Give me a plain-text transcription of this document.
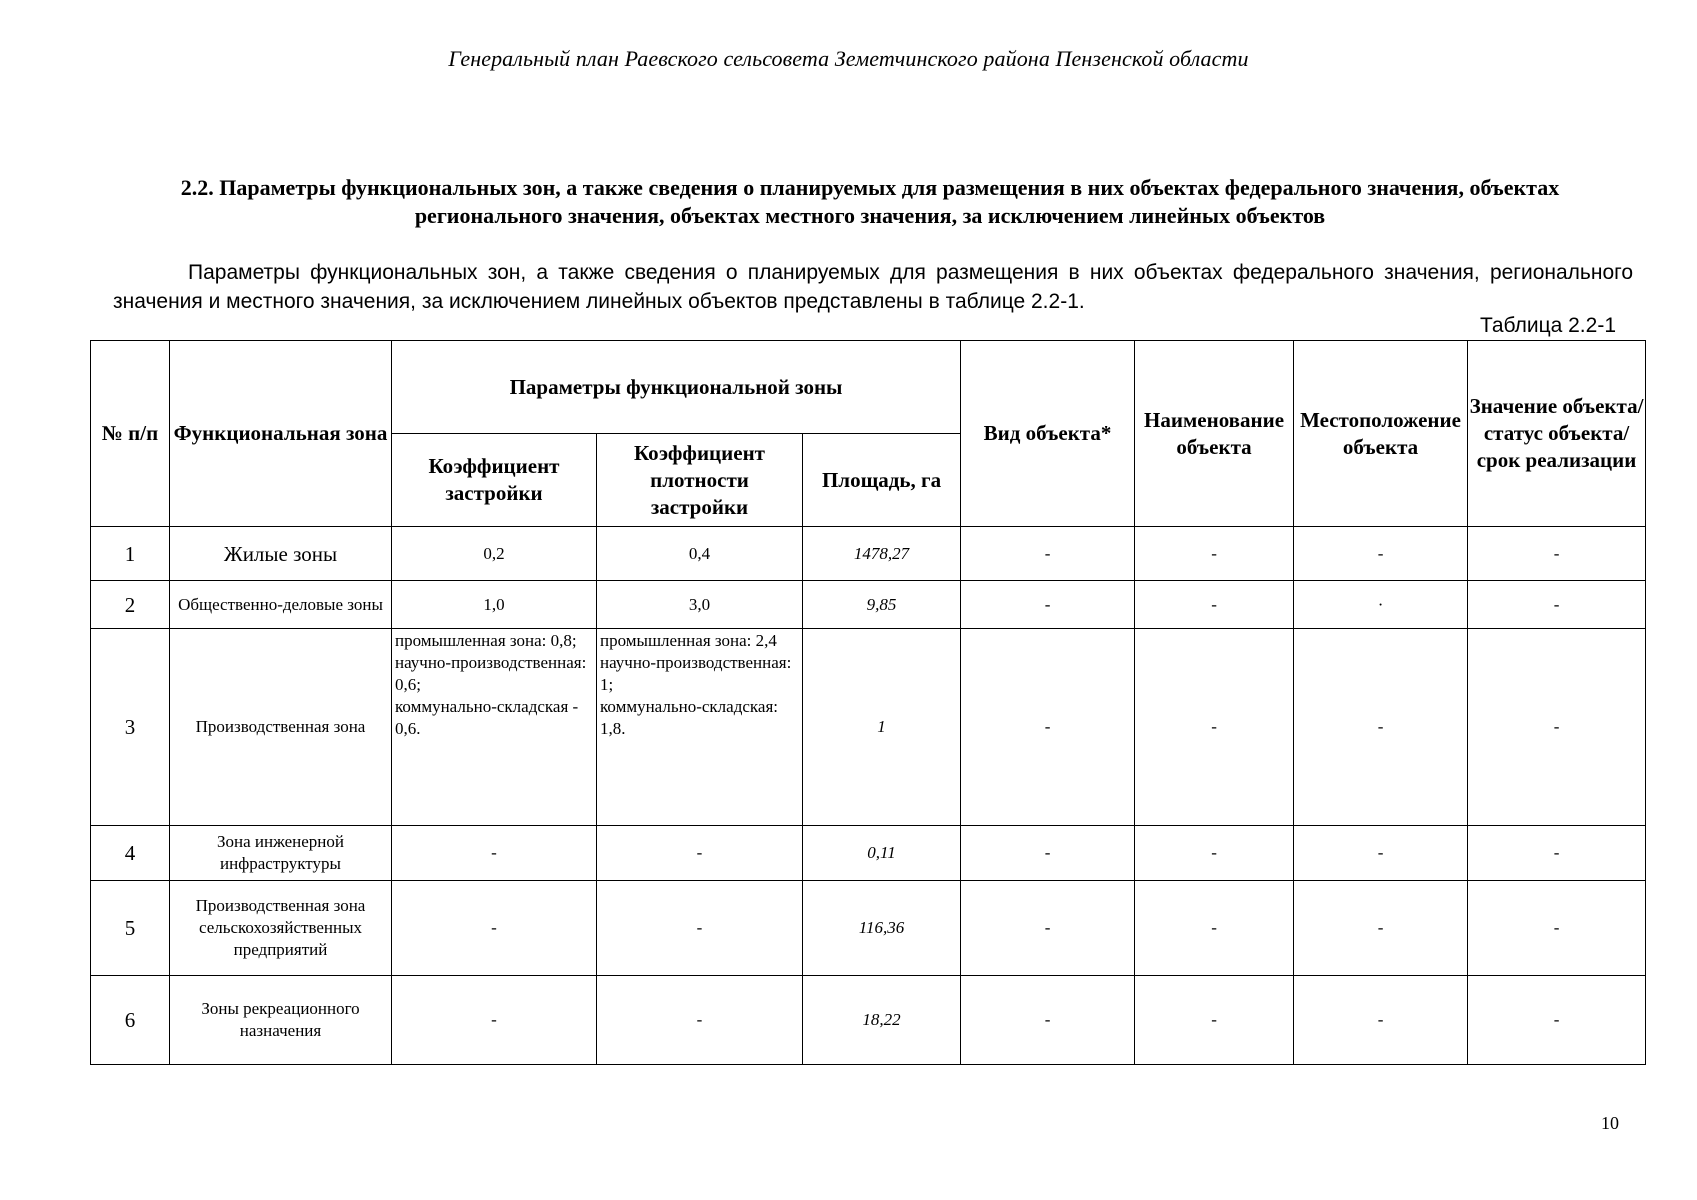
Генеральный план Раевского сельсовета Земетчинского района Пензенской области
2.2. Параметры функциональных зон, а также сведения о планируемых для размещения в них объектах федерального значения, объектах регионального значения, объектах местного значения, за исключением линейных объектов
Параметры функциональных зон, а также сведения о планируемых для размещения в них объектах федерального значения, регионального значения и местного значения, за исключением линейных объектов представлены в таблице 2.2-1.
Таблица 2.2-1
№ п/п	Функциональная зона	Параметры функциональной зоны			Вид объекта*	Наименование объекта	Местоположение объекта	Значение объекта/ статус объекта/ срок реализации
		Коэффициент застройки	Коэффициент плотности застройки	Площадь, га				
1	Жилые зоны	0,2	0,4	1478,27	-	-	-	-
2	Общественно-деловые зоны	1,0	3,0	9,85	-	-	·	-
3	Производственная зона	промышленная зона: 0,8;
научно-производственная: 0,6;
коммунально-складская - 0,6.	промышленная зона: 2,4
научно-производственная: 1;
коммунально-складская: 1,8.	1	-	-	-	-
4	Зона инженерной инфраструктуры	-	-	0,11	-	-	-	-
5	Производственная зона сельскохозяйственных предприятий	-	-	116,36	-	-	-	-
6	Зоны рекреационного назначения	-	-	18,22	-	-	-	-
10
